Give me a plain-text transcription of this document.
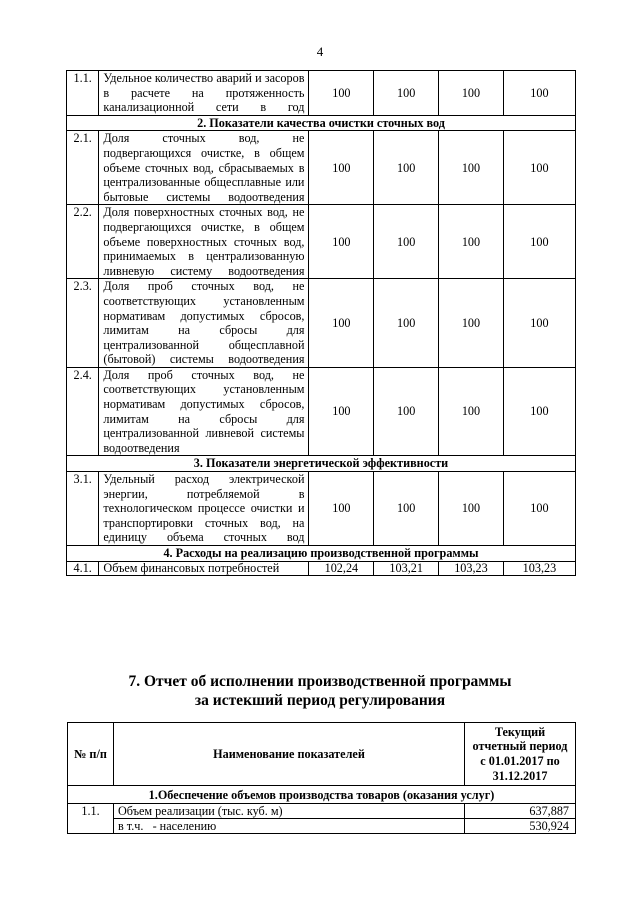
4
1.1.	Удельное количество аварий и засоров в расчете на протяженность канализационной сети в год	100	100	100	100
2. Показатели качества очистки сточных вод					
2.1.	Доля сточных вод, не подвергающихся очистке, в общем объеме сточных вод, сбрасываемых в централизованные общесплавные или бытовые системы водоотведения	100	100	100	100
2.2.	Доля поверхностных сточных вод, не подвергающихся очистке, в общем объеме поверхностных сточных вод, принимаемых в централизованную ливневую систему водоотведения	100	100	100	100
2.3.	Доля проб сточных вод, не соответствующих установленным нормативам допустимых сбросов, лимитам на сбросы для централизованной общесплавной (бытовой) системы водоотведения	100	100	100	100
2.4.	Доля проб сточных вод, не соответствующих установленным нормативам допустимых сбросов, лимитам на сбросы для централизованной ливневой системы водоотведения	100	100	100	100
3. Показатели энергетической эффективности					
3.1.	Удельный расход электрической энергии, потребляемой в технологическом процессе очистки и транспортировки сточных вод, на единицу объема сточных вод	100	100	100	100
4. Расходы на реализацию производственной программы					
4.1.	Объем финансовых потребностей	102,24	103,21	103,23	103,23
7. Отчет об исполнении производственной программы
за истекший период регулирования
№ п/п	Наименование показателей	Текущий отчетный период с 01.01.2017 по 31.12.2017
1.Обеспечение объемов производства товаров (оказания услуг)		
1.1.	Объем реализации (тыс. куб. м)	637,887
	в т.ч.   - населению	530,924
